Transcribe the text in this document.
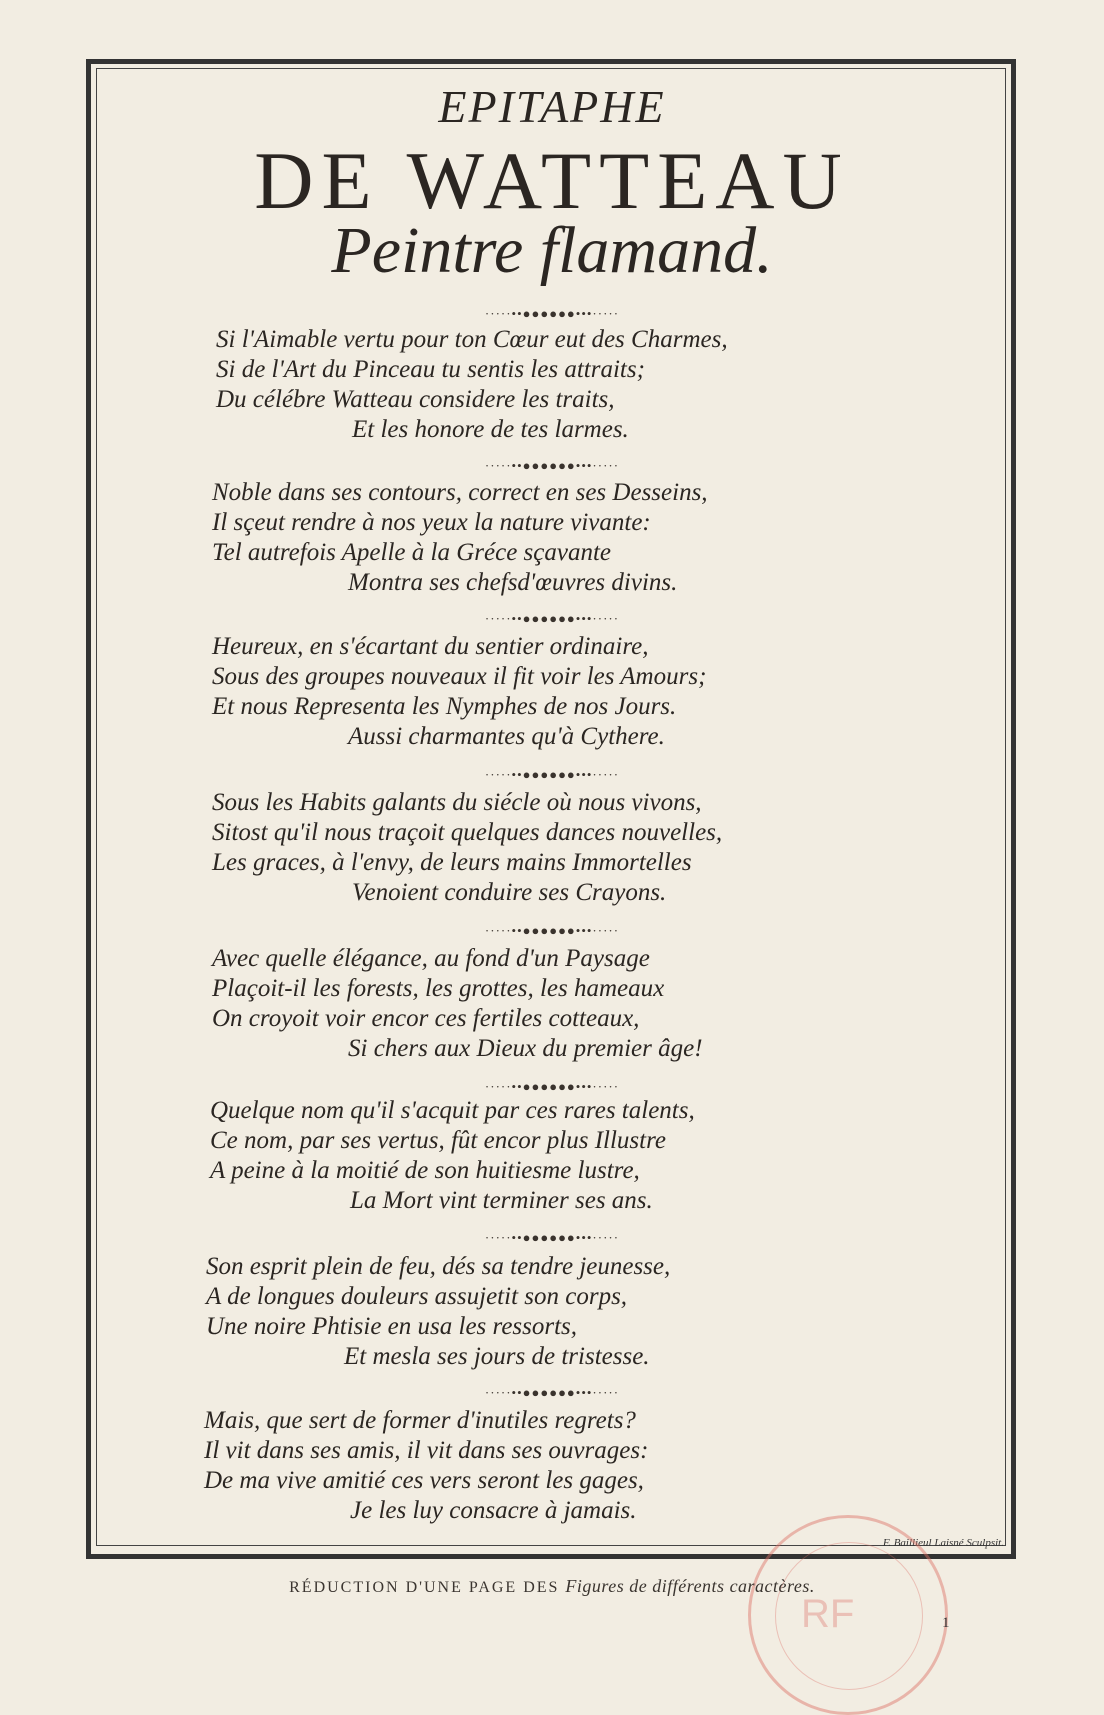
EPITAPHE
DE WATTEAU
Peintre flamand.
·····••●●●●●●•••·····
Si l'Aimable vertu pour ton Cœur eut des Charmes,
Si de l'Art du Pinceau tu sentis les attraits;
Du célébre Watteau considere les traits,
Et les honore de tes larmes.
·····••●●●●●●•••·····
Noble dans ses contours, correct en ses Desseins,
Il sçeut rendre à nos yeux la nature vivante:
Tel autrefois Apelle à la Gréce sçavante
Montra ses chefsd'œuvres divins.
·····••●●●●●●•••·····
Heureux, en s'écartant du sentier ordinaire,
Sous des groupes nouveaux il fit voir les Amours;
Et nous Representa les Nymphes de nos Jours.
Aussi charmantes qu'à Cythere.
·····••●●●●●●•••·····
Sous les Habits galants du siécle où nous vivons,
Sitost qu'il nous traçoit quelques dances nouvelles,
Les graces, à l'envy, de leurs mains Immortelles
Venoient conduire ses Crayons.
·····••●●●●●●•••·····
Avec quelle élégance, au fond d'un Paysage
Plaçoit-il les forests, les grottes, les hameaux
On croyoit voir encor ces fertiles cotteaux,
Si chers aux Dieux du premier âge!
·····••●●●●●●•••·····
Quelque nom qu'il s'acquit par ces rares talents,
Ce nom, par ses vertus, fût encor plus Illustre
A peine à la moitié de son huitiesme lustre,
La Mort vint terminer ses ans.
·····••●●●●●●•••·····
Son esprit plein de feu, dés sa tendre jeunesse,
A de longues douleurs assujetit son corps,
Une noire Phtisie en usa les ressorts,
Et mesla ses jours de tristesse.
·····••●●●●●●•••·····
Mais, que sert de former d'inutiles regrets?
Il vit dans ses amis, il vit dans ses ouvrages:
De ma vive amitié ces vers seront les gages,
Je les luy consacre à jamais.
F. Baillieul Laisné Sculpsit.
RF
RÉDUCTION D'UNE PAGE DES Figures de différents caractères.
1
